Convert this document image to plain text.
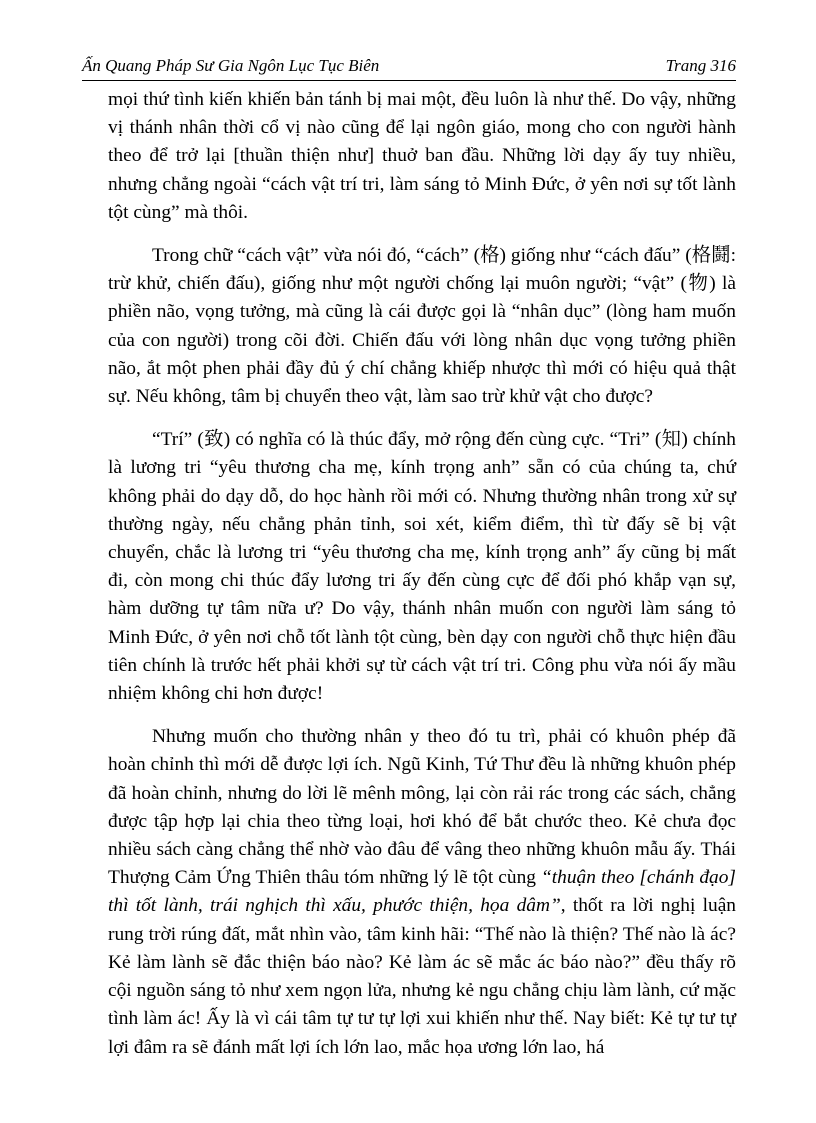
Ấn Quang Pháp Sư Gia Ngôn Lục Tục Biên	Trang 316

mọi thứ tình kiến khiến bản tánh bị mai một, đều luôn là như thế. Do vậy, những vị thánh nhân thời cổ vị nào cũng để lại ngôn giáo, mong cho con người hành theo để trở lại [thuần thiện như] thuở ban đầu. Những lời dạy ấy tuy nhiều, nhưng chẳng ngoài “cách vật trí tri, làm sáng tỏ Minh Đức, ở yên nơi sự tốt lành tột cùng” mà thôi.

Trong chữ “cách vật” vừa nói đó, “cách” (格) giống như “cách đấu” (格鬪: trừ khử, chiến đấu), giống như một người chống lại muôn người; “vật” (物) là phiền não, vọng tưởng, mà cũng là cái được gọi là “nhân dục” (lòng ham muốn của con người) trong cõi đời. Chiến đấu với lòng nhân dục vọng tưởng phiền não, ắt một phen phải đầy đủ ý chí chẳng khiếp nhược thì mới có hiệu quả thật sự. Nếu không, tâm bị chuyển theo vật, làm sao trừ khử vật cho được?

“Trí” (致) có nghĩa có là thúc đẩy, mở rộng đến cùng cực. “Tri” (知) chính là lương tri “yêu thương cha mẹ, kính trọng anh” sẵn có của chúng ta, chứ không phải do dạy dỗ, do học hành rồi mới có. Nhưng thường nhân trong xử sự thường ngày, nếu chẳng phản tỉnh, soi xét, kiểm điểm, thì từ đấy sẽ bị vật chuyển, chắc là lương tri “yêu thương cha mẹ, kính trọng anh” ấy cũng bị mất đi, còn mong chi thúc đẩy lương tri ấy đến cùng cực để đối phó khắp vạn sự, hàm dưỡng tự tâm nữa ư? Do vậy, thánh nhân muốn con người làm sáng tỏ Minh Đức, ở yên nơi chỗ tốt lành tột cùng, bèn dạy con người chỗ thực hiện đầu tiên chính là trước hết phải khởi sự từ cách vật trí tri. Công phu vừa nói ấy mầu nhiệm không chi hơn được!

Nhưng muốn cho thường nhân y theo đó tu trì, phải có khuôn phép đã hoàn chỉnh thì mới dễ được lợi ích. Ngũ Kinh, Tứ Thư đều là những khuôn phép đã hoàn chỉnh, nhưng do lời lẽ mênh mông, lại còn rải rác trong các sách, chẳng được tập hợp lại chia theo từng loại, hơi khó để bắt chước theo. Kẻ chưa đọc nhiều sách càng chẳng thể nhờ vào đâu để vâng theo những khuôn mẫu ấy. Thái Thượng Cảm Ứng Thiên thâu tóm những lý lẽ tột cùng “thuận theo [chánh đạo] thì tốt lành, trái nghịch thì xấu, phước thiện, họa dâm”, thốt ra lời nghị luận rung trời rúng đất, mắt nhìn vào, tâm kinh hãi: “Thế nào là thiện? Thế nào là ác? Kẻ làm lành sẽ đắc thiện báo nào? Kẻ làm ác sẽ mắc ác báo nào?” đều thấy rõ cội nguồn sáng tỏ như xem ngọn lửa, nhưng kẻ ngu chẳng chịu làm lành, cứ mặc tình làm ác! Ấy là vì cái tâm tự tư tự lợi xui khiến như thế. Nay biết: Kẻ tự tư tự lợi đâm ra sẽ đánh mất lợi ích lớn lao, mắc họa ương lớn lao, há
